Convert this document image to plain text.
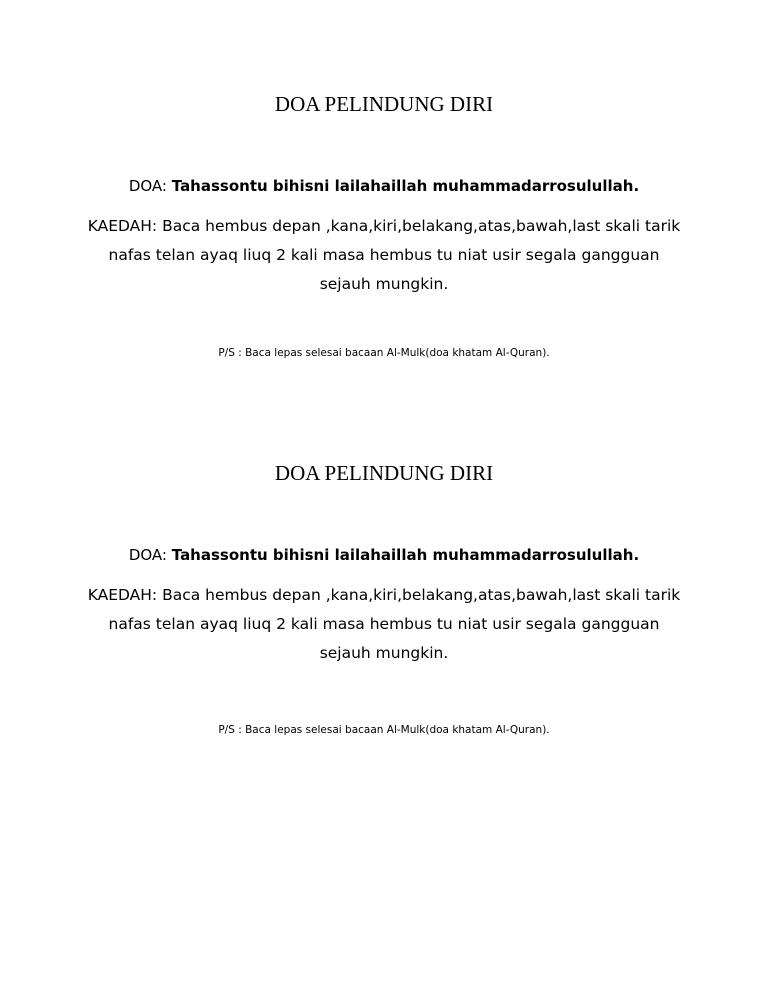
DOA PELINDUNG DIRI

DOA: Tahassontu bihisni lailahaillah muhammadarrosulullah.

KAEDAH: Baca hembus depan ,kana,kiri,belakang,atas,bawah,last skali tarik nafas telan ayaq liuq 2 kali masa hembus tu niat usir segala gangguan sejauh mungkin.

P/S : Baca lepas selesai bacaan Al-Mulk(doa khatam Al-Quran).

DOA PELINDUNG DIRI

DOA: Tahassontu bihisni lailahaillah muhammadarrosulullah.

KAEDAH: Baca hembus depan ,kana,kiri,belakang,atas,bawah,last skali tarik nafas telan ayaq liuq 2 kali masa hembus tu niat usir segala gangguan sejauh mungkin.

P/S : Baca lepas selesai bacaan Al-Mulk(doa khatam Al-Quran).
